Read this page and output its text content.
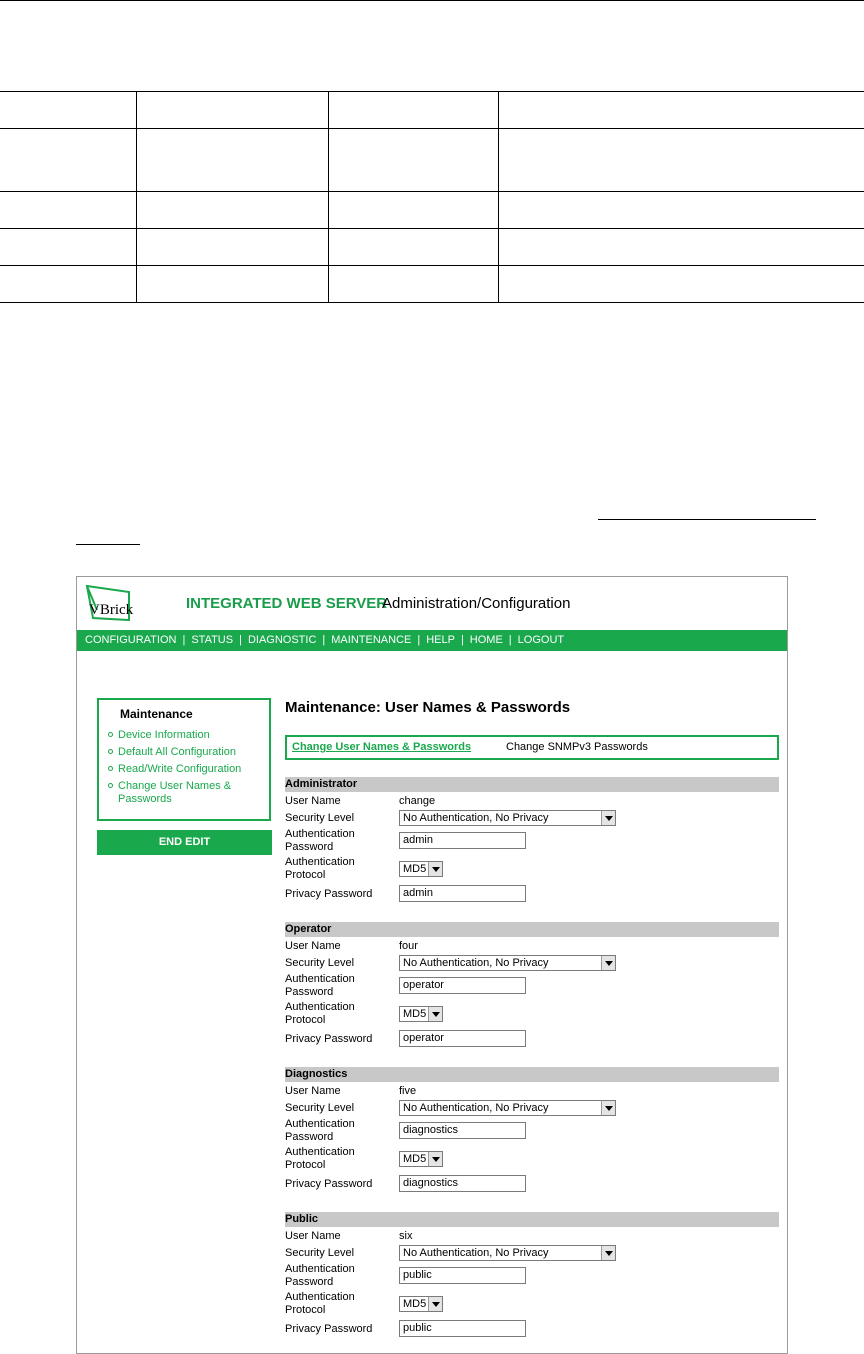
VBrick	INTEGRATED WEB SERVER
Administration/Configuration
CONFIGURATION | STATUS | DIAGNOSTIC | MAINTENANCE | HELP | HOME | LOGOUT
Maintenance
Device Information
Default All Configuration
Read/Write Configuration
Change User Names & Passwords
END EDIT
Maintenance: User Names & Passwords
Change User Names & Passwords	Change SNMPv3 Passwords
Administrator
User Name	change
Security Level	No Authentication, No Privacy
Authentication
Password
admin
Authentication
Protocol	MD5
Privacy Password	admin
Operator
User Name	four
Security Level	No Authentication, No Privacy
Authentication
Password
operator
Authentication
Protocol	MD5
Privacy Password	operator
Diagnostics
User Name	five
Security Level	No Authentication, No Privacy
Authentication
Password
diagnostics
Authentication
Protocol	MD5
Privacy Password	diagnostics
Public
User Name	six
Security Level	No Authentication, No Privacy
Authentication
Password
public
Authentication
Protocol	MD5
Privacy Password	public
